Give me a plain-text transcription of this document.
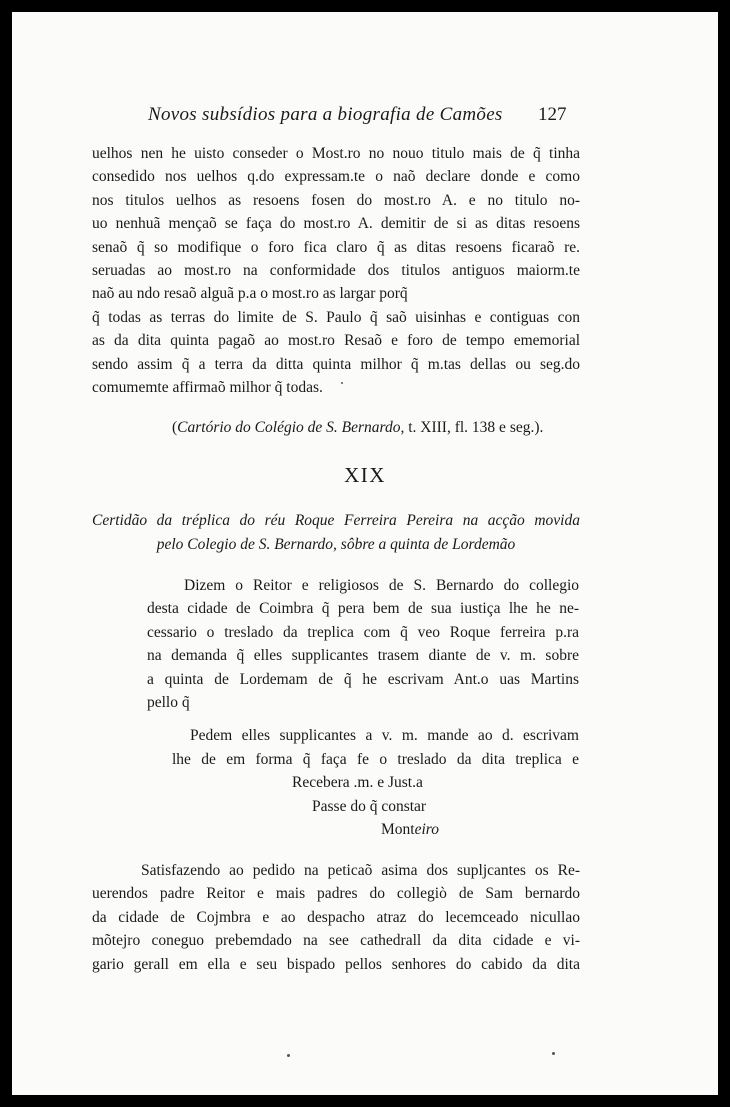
Novos subsídios para a biografia de Camões 127
uelhos nen he uisto conseder o Most.ro no nouo titulo mais de q̃ tinha
consedido nos uelhos q.do expressam.te o naõ declare donde e como
nos titulos uelhos as resoens fosen do most.ro A. e no titulo no-
uo nenhuã mençaõ se faça do most.ro A. demitir de si as ditas resoens
senaõ q̃ so modifique o foro fica claro q̃ as ditas resoens ficaraõ re.
seruadas ao most.ro na conformidade dos titulos antiguos maiorm.te
naõ au ndo resaõ alguã p.a o most.ro as largar porq̃
q̃ todas as terras do limite de S. Paulo q̃ saõ uisinhas e contiguas con
as da dita quinta pagaõ ao most.ro Resaõ e foro de tempo ememorial
sendo assim q̃ a terra da ditta quinta milhor q̃ m.tas dellas ou seg.do
comumemte affirmaõ milhor q̃ todas.
(Cartório do Colégio de S. Bernardo, t. XIII, fl. 138 e seg.).
XIX
Certidão da tréplica do réu Roque Ferreira Pereira na acção movida
pelo Colegio de S. Bernardo, sôbre a quinta de Lordemão
Dizem o Reitor e religiosos de S. Bernardo do collegio
desta cidade de Coimbra q̃ pera bem de sua iustiça lhe he ne-
cessario o treslado da treplica com q̃ veo Roque ferreira p.ra
na demanda q̃ elles supplicantes trasem diante de v. m. sobre
a quinta de Lordemam de q̃ he escrivam Ant.o uas Martins
pello q̃
Pedem elles supplicantes a v. m. mande ao d. escrivam
lhe de em forma q̃ faça fe o treslado da dita treplica e
Recebera .m. e Just.a
Passe do q̃ constar
Monteiro
Satisfazendo ao pedido na peticaõ asima dos supljcantes os Re-
uerendos padre Reitor e mais padres do collegiò de Sam bernardo
da cidade de Cojmbra e ao despacho atraz do lecemceado nicullao
mõtejro coneguo prebemdado na see cathedrall da dita cidade e vi-
gario gerall em ella e seu bispado pellos senhores do cabido da dita
